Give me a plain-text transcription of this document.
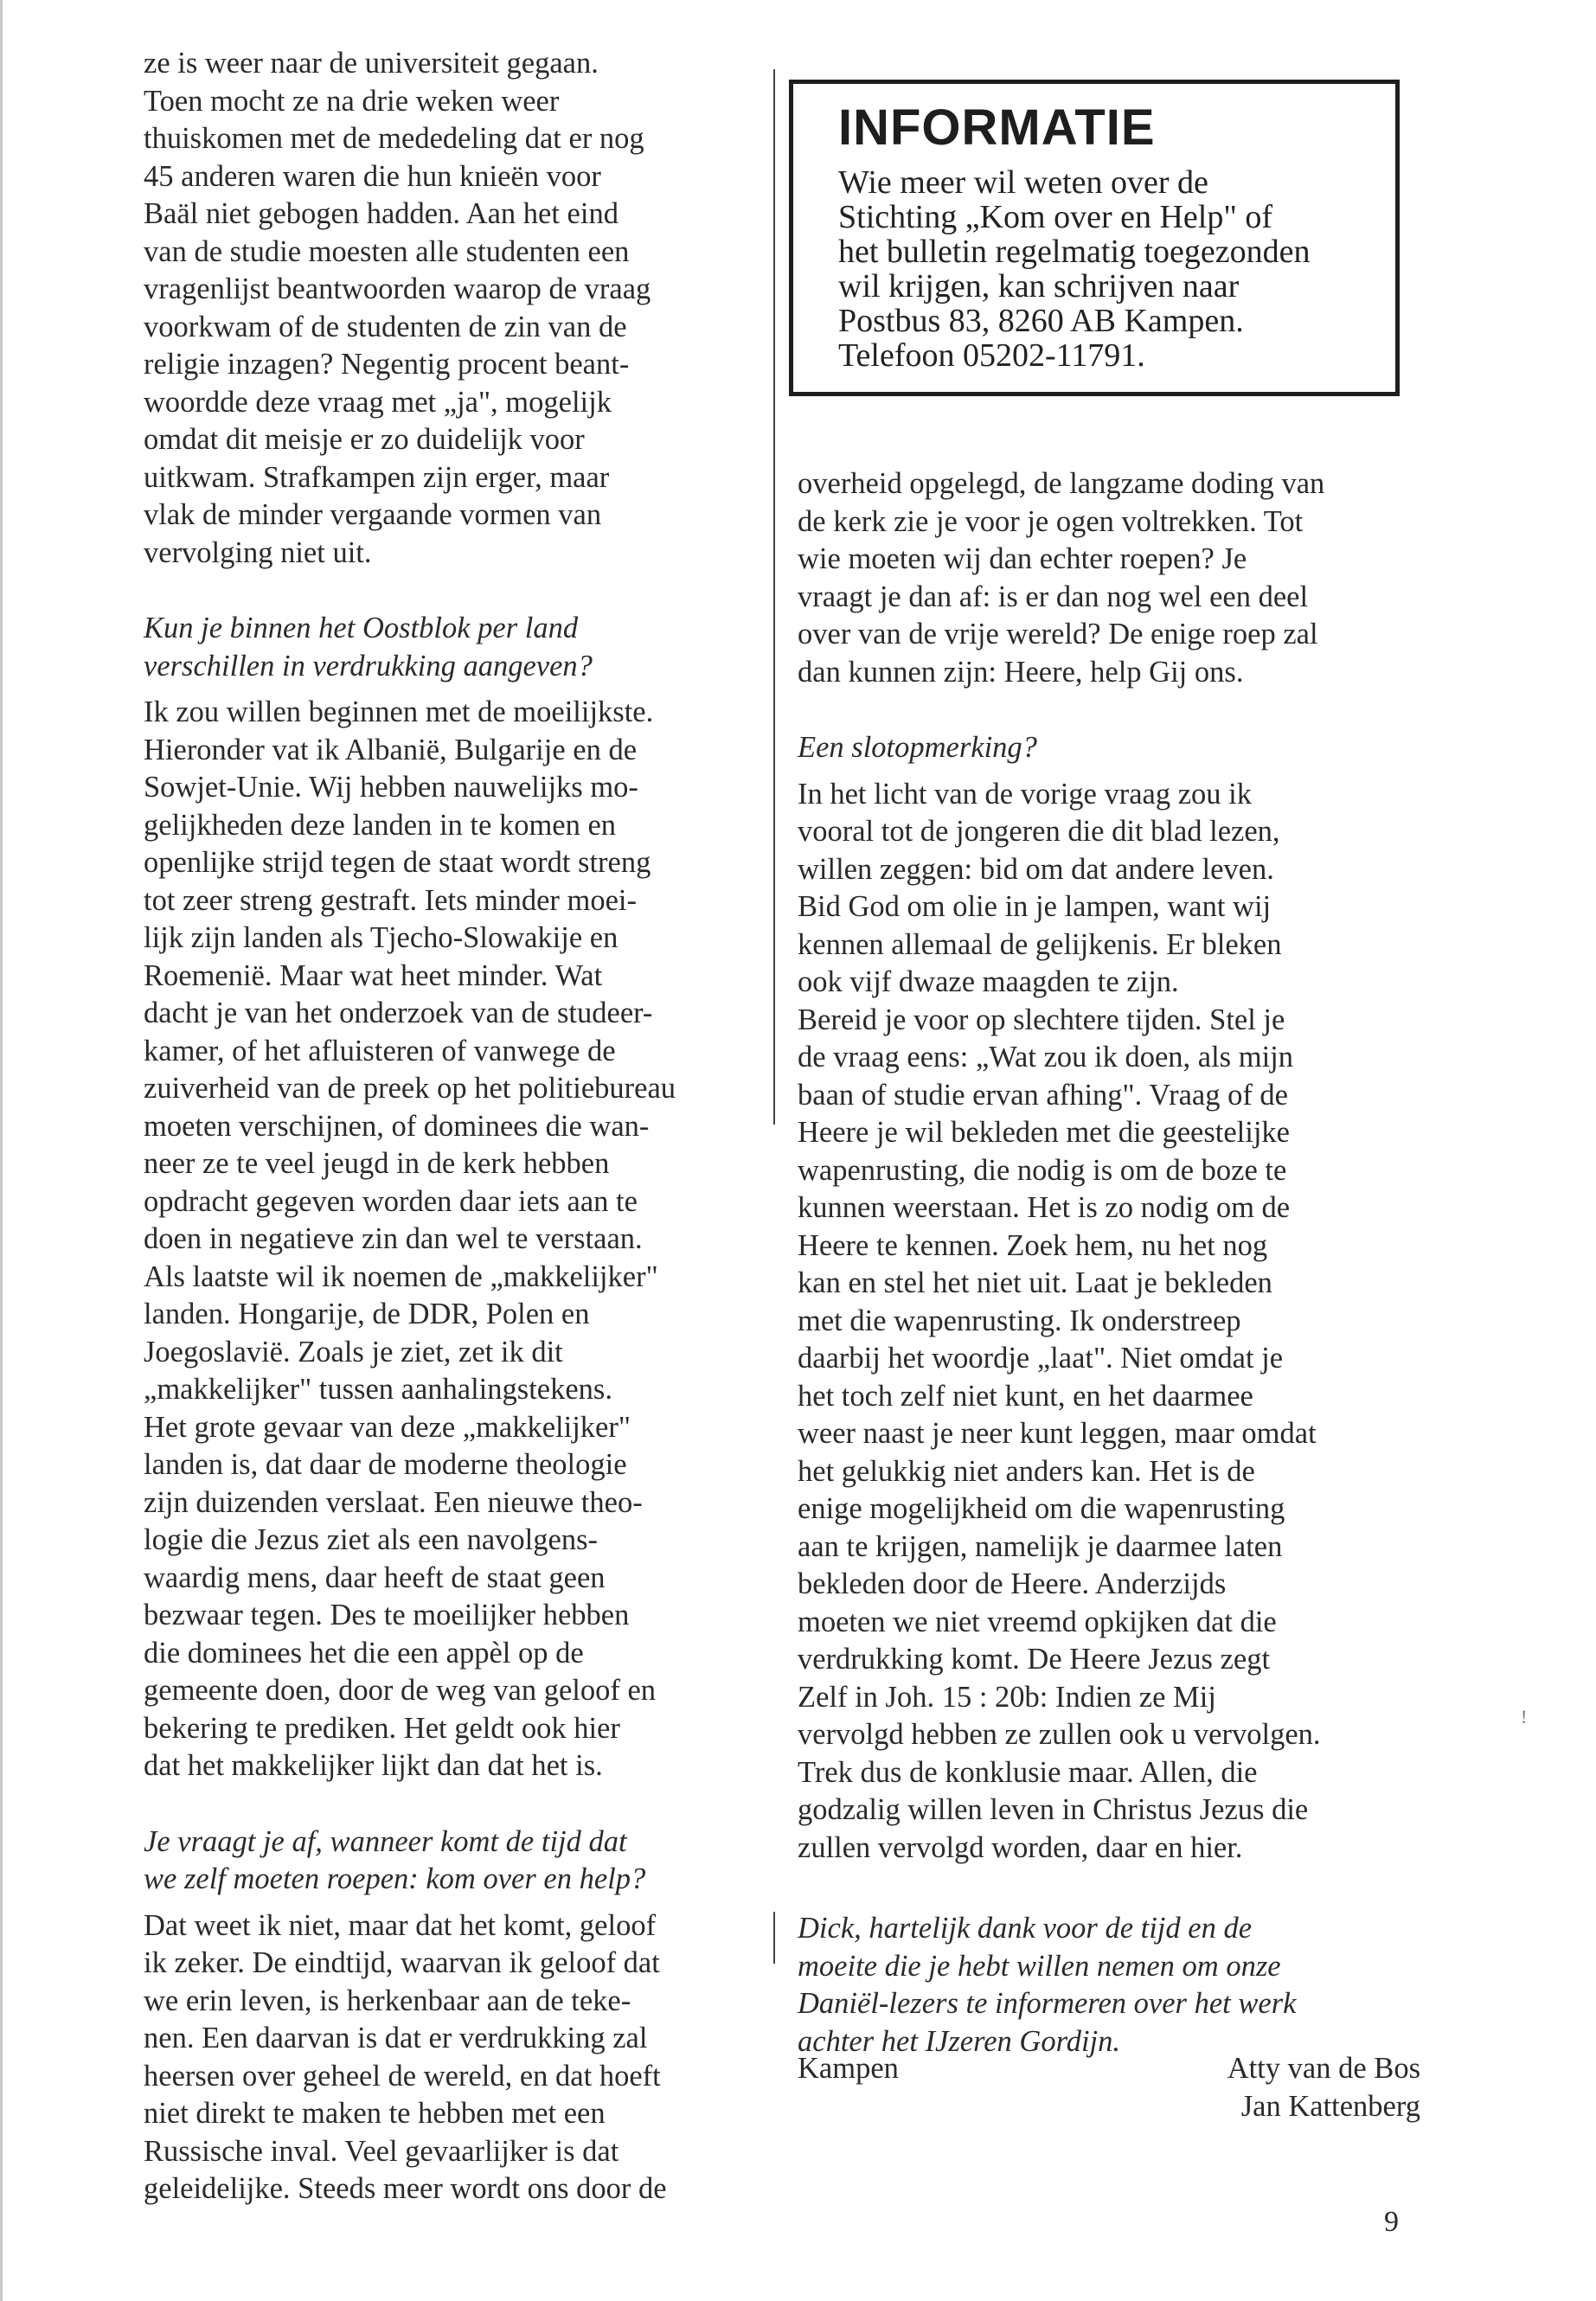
ze is weer naar de universiteit gegaan.
Toen mocht ze na drie weken weer
thuiskomen met de mededeling dat er nog
45 anderen waren die hun knieën voor
Baäl niet gebogen hadden. Aan het eind
van de studie moesten alle studenten een
vragenlijst beantwoorden waarop de vraag
voorkwam of de studenten de zin van de
religie inzagen? Negentig procent beant-
woordde deze vraag met „ja", mogelijk
omdat dit meisje er zo duidelijk voor
uitkwam. Strafkampen zijn erger, maar
vlak de minder vergaande vormen van
vervolging niet uit.

Kun je binnen het Oostblok per land
verschillen in verdrukking aangeven?

Ik zou willen beginnen met de moeilijkste.
Hieronder vat ik Albanië, Bulgarije en de
Sowjet-Unie. Wij hebben nauwelijks mo-
gelijkheden deze landen in te komen en
openlijke strijd tegen de staat wordt streng
tot zeer streng gestraft. Iets minder moei-
lijk zijn landen als Tjecho-Slowakije en
Roemenië. Maar wat heet minder. Wat
dacht je van het onderzoek van de studeer-
kamer, of het afluisteren of vanwege de
zuiverheid van de preek op het politiebureau
moeten verschijnen, of dominees die wan-
neer ze te veel jeugd in de kerk hebben
opdracht gegeven worden daar iets aan te
doen in negatieve zin dan wel te verstaan.
Als laatste wil ik noemen de „makkelijker"
landen. Hongarije, de DDR, Polen en
Joegoslavië. Zoals je ziet, zet ik dit
„makkelijker" tussen aanhalingstekens.
Het grote gevaar van deze „makkelijker"
landen is, dat daar de moderne theologie
zijn duizenden verslaat. Een nieuwe theo-
logie die Jezus ziet als een navolgens-
waardig mens, daar heeft de staat geen
bezwaar tegen. Des te moeilijker hebben
die dominees het die een appèl op de
gemeente doen, door de weg van geloof en
bekering te prediken. Het geldt ook hier
dat het makkelijker lijkt dan dat het is.

Je vraagt je af, wanneer komt de tijd dat
we zelf moeten roepen: kom over en help?

Dat weet ik niet, maar dat het komt, geloof
ik zeker. De eindtijd, waarvan ik geloof dat
we erin leven, is herkenbaar aan de teke-
nen. Een daarvan is dat er verdrukking zal
heersen over geheel de wereld, en dat hoeft
niet direkt te maken te hebben met een
Russische inval. Veel gevaarlijker is dat
geleidelijke. Steeds meer wordt ons door de

INFORMATIE
Wie meer wil weten over de
Stichting „Kom over en Help" of
het bulletin regelmatig toegezonden
wil krijgen, kan schrijven naar
Postbus 83, 8260 AB Kampen.
Telefoon 05202-11791.

overheid opgelegd, de langzame doding van
de kerk zie je voor je ogen voltrekken. Tot
wie moeten wij dan echter roepen? Je
vraagt je dan af: is er dan nog wel een deel
over van de vrije wereld? De enige roep zal
dan kunnen zijn: Heere, help Gij ons.

Een slotopmerking?

In het licht van de vorige vraag zou ik
vooral tot de jongeren die dit blad lezen,
willen zeggen: bid om dat andere leven.
Bid God om olie in je lampen, want wij
kennen allemaal de gelijkenis. Er bleken
ook vijf dwaze maagden te zijn.
Bereid je voor op slechtere tijden. Stel je
de vraag eens: „Wat zou ik doen, als mijn
baan of studie ervan afhing". Vraag of de
Heere je wil bekleden met die geestelijke
wapenrusting, die nodig is om de boze te
kunnen weerstaan. Het is zo nodig om de
Heere te kennen. Zoek hem, nu het nog
kan en stel het niet uit. Laat je bekleden
met die wapenrusting. Ik onderstreep
daarbij het woordje „laat". Niet omdat je
het toch zelf niet kunt, en het daarmee
weer naast je neer kunt leggen, maar omdat
het gelukkig niet anders kan. Het is de
enige mogelijkheid om die wapenrusting
aan te krijgen, namelijk je daarmee laten
bekleden door de Heere. Anderzijds
moeten we niet vreemd opkijken dat die
verdrukking komt. De Heere Jezus zegt
Zelf in Joh. 15 : 20b: Indien ze Mij
vervolgd hebben ze zullen ook u vervolgen.
Trek dus de konklusie maar. Allen, die
godzalig willen leven in Christus Jezus die
zullen vervolgd worden, daar en hier.

Dick, hartelijk dank voor de tijd en de
moeite die je hebt willen nemen om onze
Daniël-lezers te informeren over het werk
achter het IJzeren Gordijn.

Kampen	Atty van de Bos
Jan Kattenberg
!
9
